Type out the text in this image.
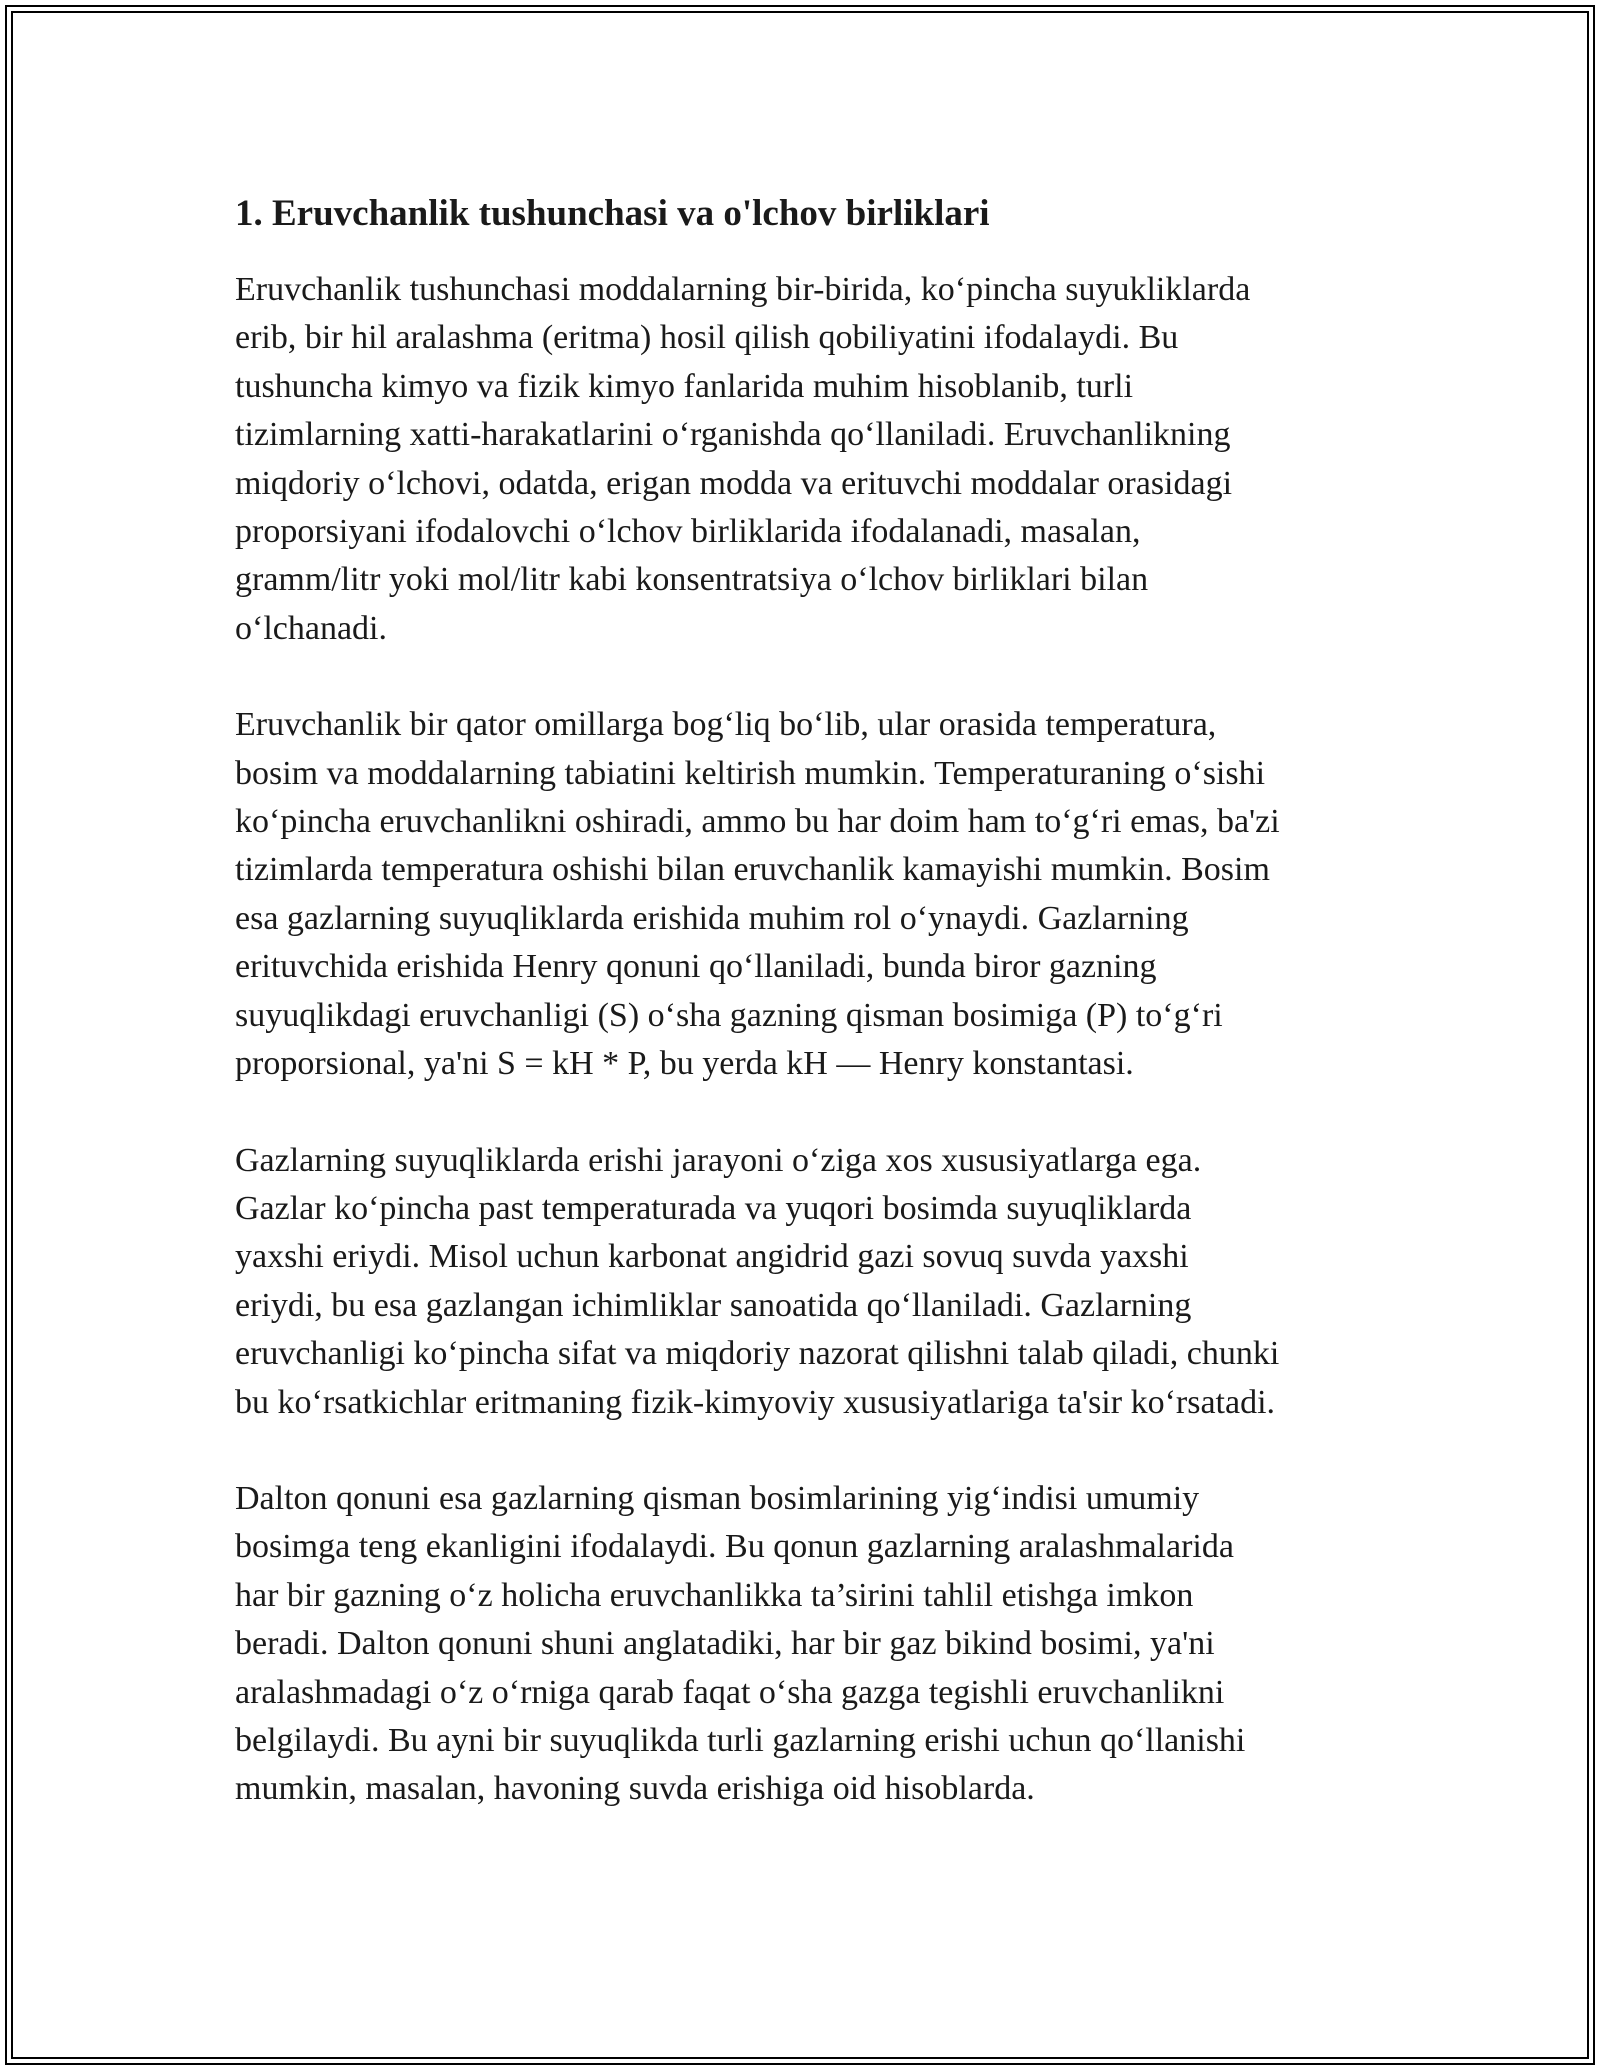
1. Eruvchanlik tushunchasi va o'lchov birliklari

Eruvchanlik tushunchasi moddalarning bir-birida, koʻpincha suyukliklarda
erib, bir hil aralashma (eritma) hosil qilish qobiliyatini ifodalaydi. Bu
tushuncha kimyo va fizik kimyo fanlarida muhim hisoblanib, turli
tizimlarning xatti-harakatlarini oʻrganishda qoʻllaniladi. Eruvchanlikning
miqdoriy oʻlchovi, odatda, erigan modda va erituvchi moddalar orasidagi
proporsiyani ifodalovchi oʻlchov birliklarida ifodalanadi, masalan,
gramm/litr yoki mol/litr kabi konsentratsiya oʻlchov birliklari bilan
oʻlchanadi.

Eruvchanlik bir qator omillarga bogʻliq boʻlib, ular orasida temperatura,
bosim va moddalarning tabiatini keltirish mumkin. Temperaturaning oʻsishi
koʻpincha eruvchanlikni oshiradi, ammo bu har doim ham toʻgʻri emas, ba'zi
tizimlarda temperatura oshishi bilan eruvchanlik kamayishi mumkin. Bosim
esa gazlarning suyuqliklarda erishida muhim rol oʻynaydi. Gazlarning
erituvchida erishida Henry qonuni qoʻllaniladi, bunda biror gazning
suyuqlikdagi eruvchanligi (S) oʻsha gazning qisman bosimiga (P) toʻgʻri
proporsional, ya'ni S = kH * P, bu yerda kH — Henry konstantasi.

Gazlarning suyuqliklarda erishi jarayoni oʻziga xos xususiyatlarga ega.
Gazlar koʻpincha past temperaturada va yuqori bosimda suyuqliklarda
yaxshi eriydi. Misol uchun karbonat angidrid gazi sovuq suvda yaxshi
eriydi, bu esa gazlangan ichimliklar sanoatida qoʻllaniladi. Gazlarning
eruvchanligi koʻpincha sifat va miqdoriy nazorat qilishni talab qiladi, chunki
bu koʻrsatkichlar eritmaning fizik-kimyoviy xususiyatlariga ta'sir koʻrsatadi.

Dalton qonuni esa gazlarning qisman bosimlarining yigʻindisi umumiy
bosimga teng ekanligini ifodalaydi. Bu qonun gazlarning aralashmalarida
har bir gazning oʻz holicha eruvchanlikka ta’sirini tahlil etishga imkon
beradi. Dalton qonuni shuni anglatadiki, har bir gaz bikind bosimi, ya'ni
aralashmadagi oʻz oʻrniga qarab faqat oʻsha gazga tegishli eruvchanlikni
belgilaydi. Bu ayni bir suyuqlikda turli gazlarning erishi uchun qoʻllanishi
mumkin, masalan, havoning suvda erishiga oid hisoblarda.
